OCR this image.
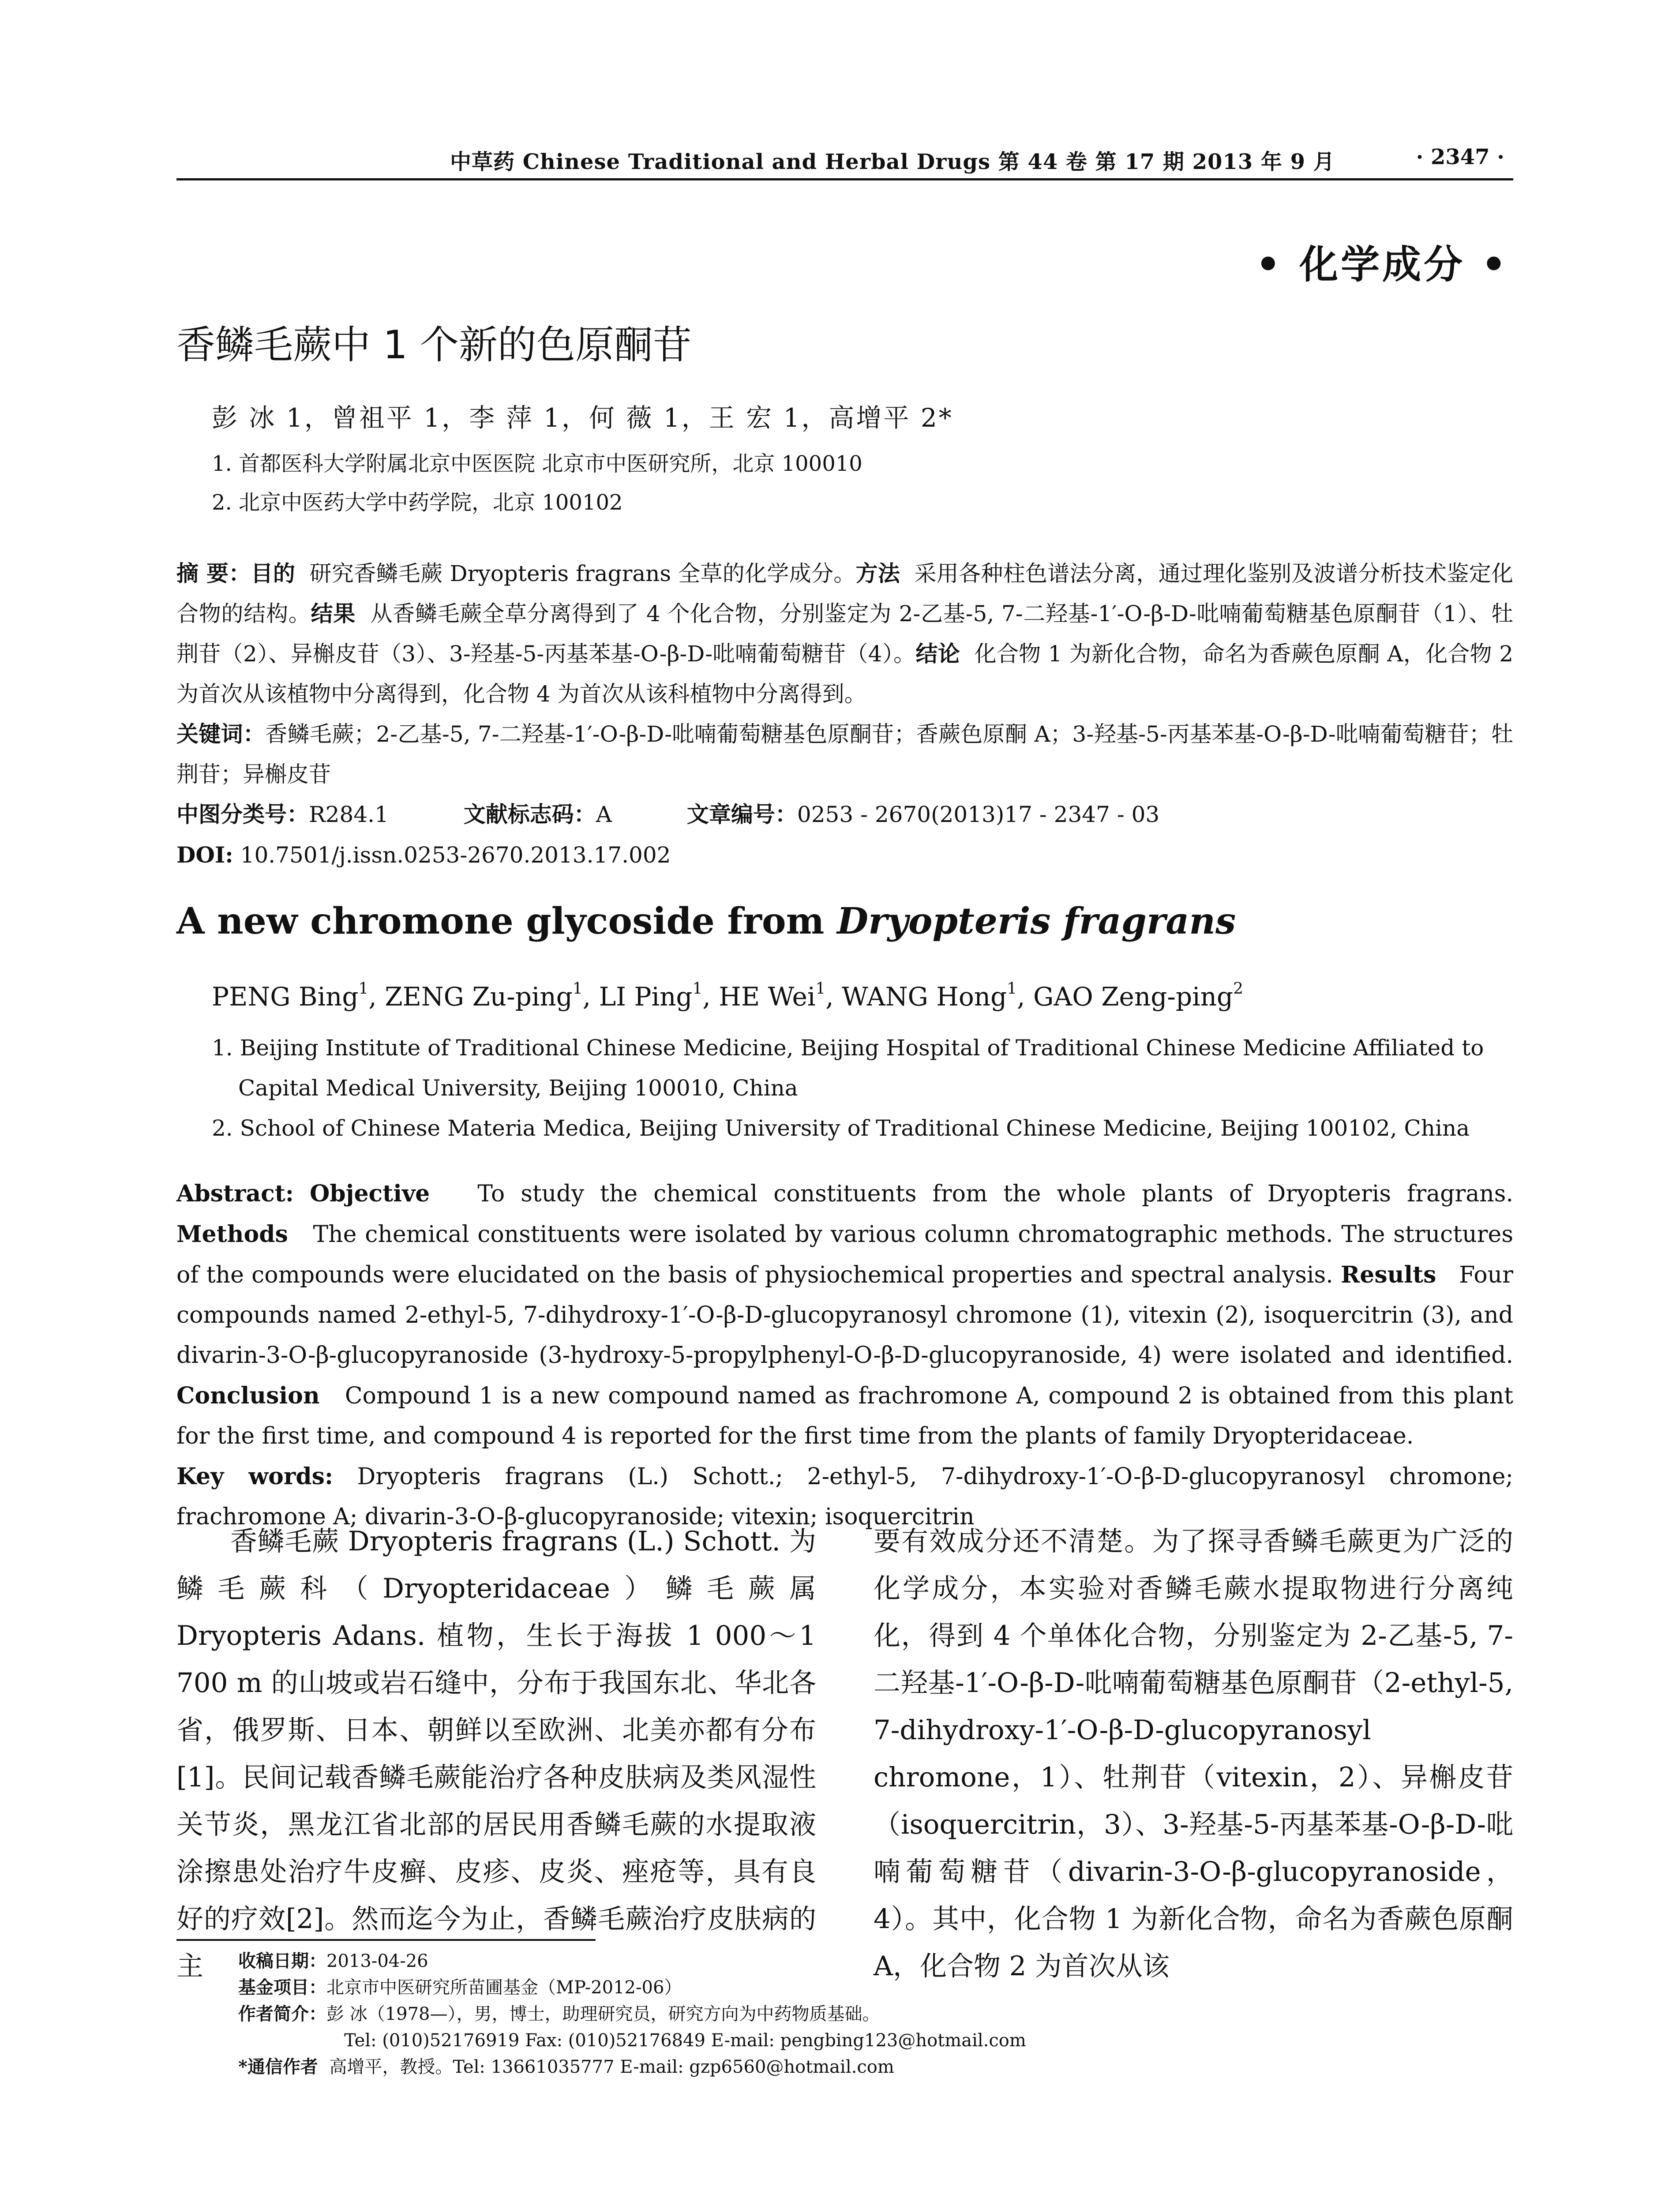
中草药 Chinese Traditional and Herbal Drugs 第 44 卷 第 17 期 2013 年 9 月	· 2347 ·
• 化学成分 •
香鳞毛蕨中 1 个新的色原酮苷
彭 冰 1，曾祖平 1，李 萍 1，何 薇 1，王 宏 1，高增平 2*
1. 首都医科大学附属北京中医医院 北京市中医研究所，北京 100010
2. 北京中医药大学中药学院，北京 100102
摘 要：目的 研究香鳞毛蕨 Dryopteris fragrans 全草的化学成分。方法 采用各种柱色谱法分离，通过理化鉴别及波谱分析技术鉴定化合物的结构。结果 从香鳞毛蕨全草分离得到了 4 个化合物，分别鉴定为 2-乙基-5, 7-二羟基-1′-O-β-D-吡喃葡萄糖基色原酮苷（1）、牡荆苷（2）、异槲皮苷（3）、3-羟基-5-丙基苯基-O-β-D-吡喃葡萄糖苷（4）。结论 化合物 1 为新化合物，命名为香蕨色原酮 A，化合物 2 为首次从该植物中分离得到，化合物 4 为首次从该科植物中分离得到。
关键词：香鳞毛蕨；2-乙基-5, 7-二羟基-1′-O-β-D-吡喃葡萄糖基色原酮苷；香蕨色原酮 A；3-羟基-5-丙基苯基-O-β-D-吡喃葡萄糖苷；牡荆苷；异槲皮苷
中图分类号：R284.1	文献标志码：A	文章编号：0253 - 2670(2013)17 - 2347 - 03
DOI: 10.7501/j.issn.0253-2670.2013.17.002
A new chromone glycoside from Dryopteris fragrans
PENG Bing$^1$, ZENG Zu-ping$^1$, LI Ping$^1$, HE Wei$^1$, WANG Hong$^1$, GAO Zeng-ping$^2$
1. Beijing Institute of Traditional Chinese Medicine, Beijing Hospital of Traditional Chinese Medicine Affiliated to Capital Medical University, Beijing 100010, China
2. School of Chinese Materia Medica, Beijing University of Traditional Chinese Medicine, Beijing 100102, China
Abstract: Objective To study the chemical constituents from the whole plants of Dryopteris fragrans. Methods The chemical constituents were isolated by various column chromatographic methods. The structures of the compounds were elucidated on the basis of physiochemical properties and spectral analysis. Results Four compounds named 2-ethyl-5, 7-dihydroxy-1′-O-β-D-glucopyranosyl chromone (1), vitexin (2), isoquercitrin (3), and divarin-3-O-β-glucopyranoside (3-hydroxy-5-propylphenyl-O-β-D-glucopyranoside, 4) were isolated and identified. Conclusion Compound 1 is a new compound named as frachromone A, compound 2 is obtained from this plant for the first time, and compound 4 is reported for the first time from the plants of family Dryopteridaceae.
Key words: Dryopteris fragrans (L.) Schott.; 2-ethyl-5, 7-dihydroxy-1′-O-β-D-glucopyranosyl chromone; frachromone A; divarin-3-O-β-glucopyranoside; vitexin; isoquercitrin
香鳞毛蕨 Dryopteris fragrans (L.) Schott. 为鳞毛蕨科（Dryopteridaceae）鳞毛蕨属 Dryopteris Adans. 植物，生长于海拔 1 000～1 700 m 的山坡或岩石缝中，分布于我国东北、华北各省，俄罗斯、日本、朝鲜以至欧洲、北美亦都有分布[1]。民间记载香鳞毛蕨能治疗各种皮肤病及类风湿性关节炎，黑龙江省北部的居民用香鳞毛蕨的水提取液涂擦患处治疗牛皮癣、皮疹、皮炎、痤疮等，具有良好的疗效[2]。然而迄今为止，香鳞毛蕨治疗皮肤病的主
要有效成分还不清楚。为了探寻香鳞毛蕨更为广泛的化学成分，本实验对香鳞毛蕨水提取物进行分离纯化，得到 4 个单体化合物，分别鉴定为 2-乙基-5, 7-二羟基-1′-O-β-D-吡喃葡萄糖基色原酮苷（2-ethyl-5, 7-dihydroxy-1′-O-β-D-glucopyranosyl chromone，1）、牡荆苷（vitexin，2）、异槲皮苷（isoquercitrin，3）、3-羟基-5-丙基苯基-O-β-D-吡喃葡萄糖苷（divarin-3-O-β-glucopyranoside，4）。其中，化合物 1 为新化合物，命名为香蕨色原酮 A，化合物 2 为首次从该
收稿日期：2013-04-26
基金项目：北京市中医研究所苗圃基金（MP-2012-06）
作者简介：彭 冰（1978—），男，博士，助理研究员，研究方向为中药物质基础。
Tel: (010)52176919 Fax: (010)52176849 E-mail: pengbing123@hotmail.com
*通信作者 高增平，教授。Tel: 13661035777 E-mail: gzp6560@hotmail.com
